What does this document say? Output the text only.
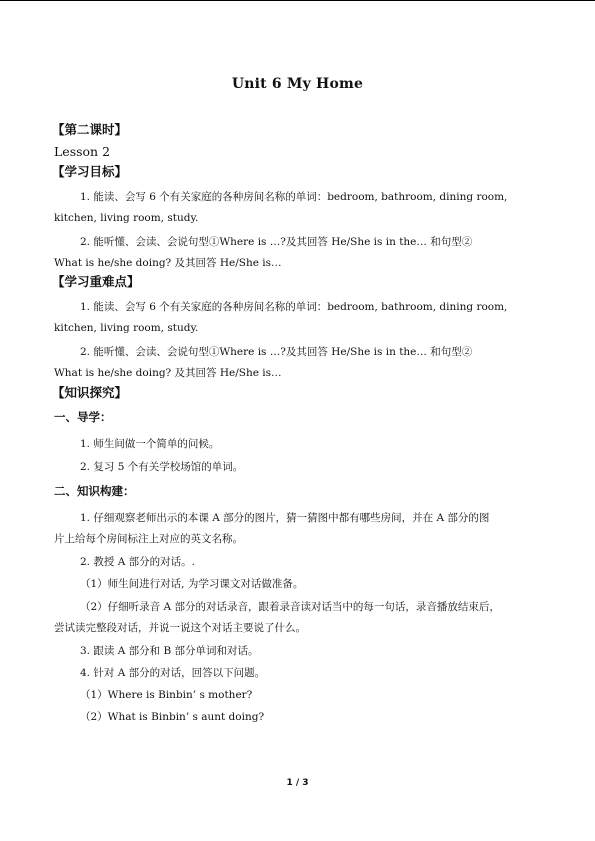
Unit 6 My Home
【第二课时】
Lesson 2
【学习目标】
1. 能读、会写 6 个有关家庭的各种房间名称的单词：bedroom, bathroom, dining room,
kitchen, living room, study.
2. 能听懂、会读、会说句型①Where is …?及其回答 He/She is in the… 和句型②
What is he/she doing? 及其回答 He/She is…
【学习重难点】
1. 能读、会写 6 个有关家庭的各种房间名称的单词：bedroom, bathroom, dining room,
kitchen, living room, study.
2. 能听懂、会读、会说句型①Where is …?及其回答 He/She is in the… 和句型②
What is he/she doing? 及其回答 He/She is…
【知识探究】
一、导学：
1. 师生间做一个简单的问候。
2. 复习 5 个有关学校场馆的单词。
二、知识构建：
1. 仔细观察老师出示的本课 A 部分的图片，猜一猜图中都有哪些房间，并在 A 部分的图
片上给每个房间标注上对应的英文名称。
2. 教授 A 部分的对话。.
（1）师生间进行对话, 为学习课文对话做准备。
（2）仔细听录音 A 部分的对话录音，跟着录音读对话当中的每一句话，录音播放结束后，
尝试读完整段对话，并说一说这个对话主要说了什么。
3. 跟读 A 部分和 B 部分单词和对话。
4. 针对 A 部分的对话，回答以下问题。
（1）Where is Binbin’ s mother?
（2）What is Binbin’ s aunt doing?
1 / 3
